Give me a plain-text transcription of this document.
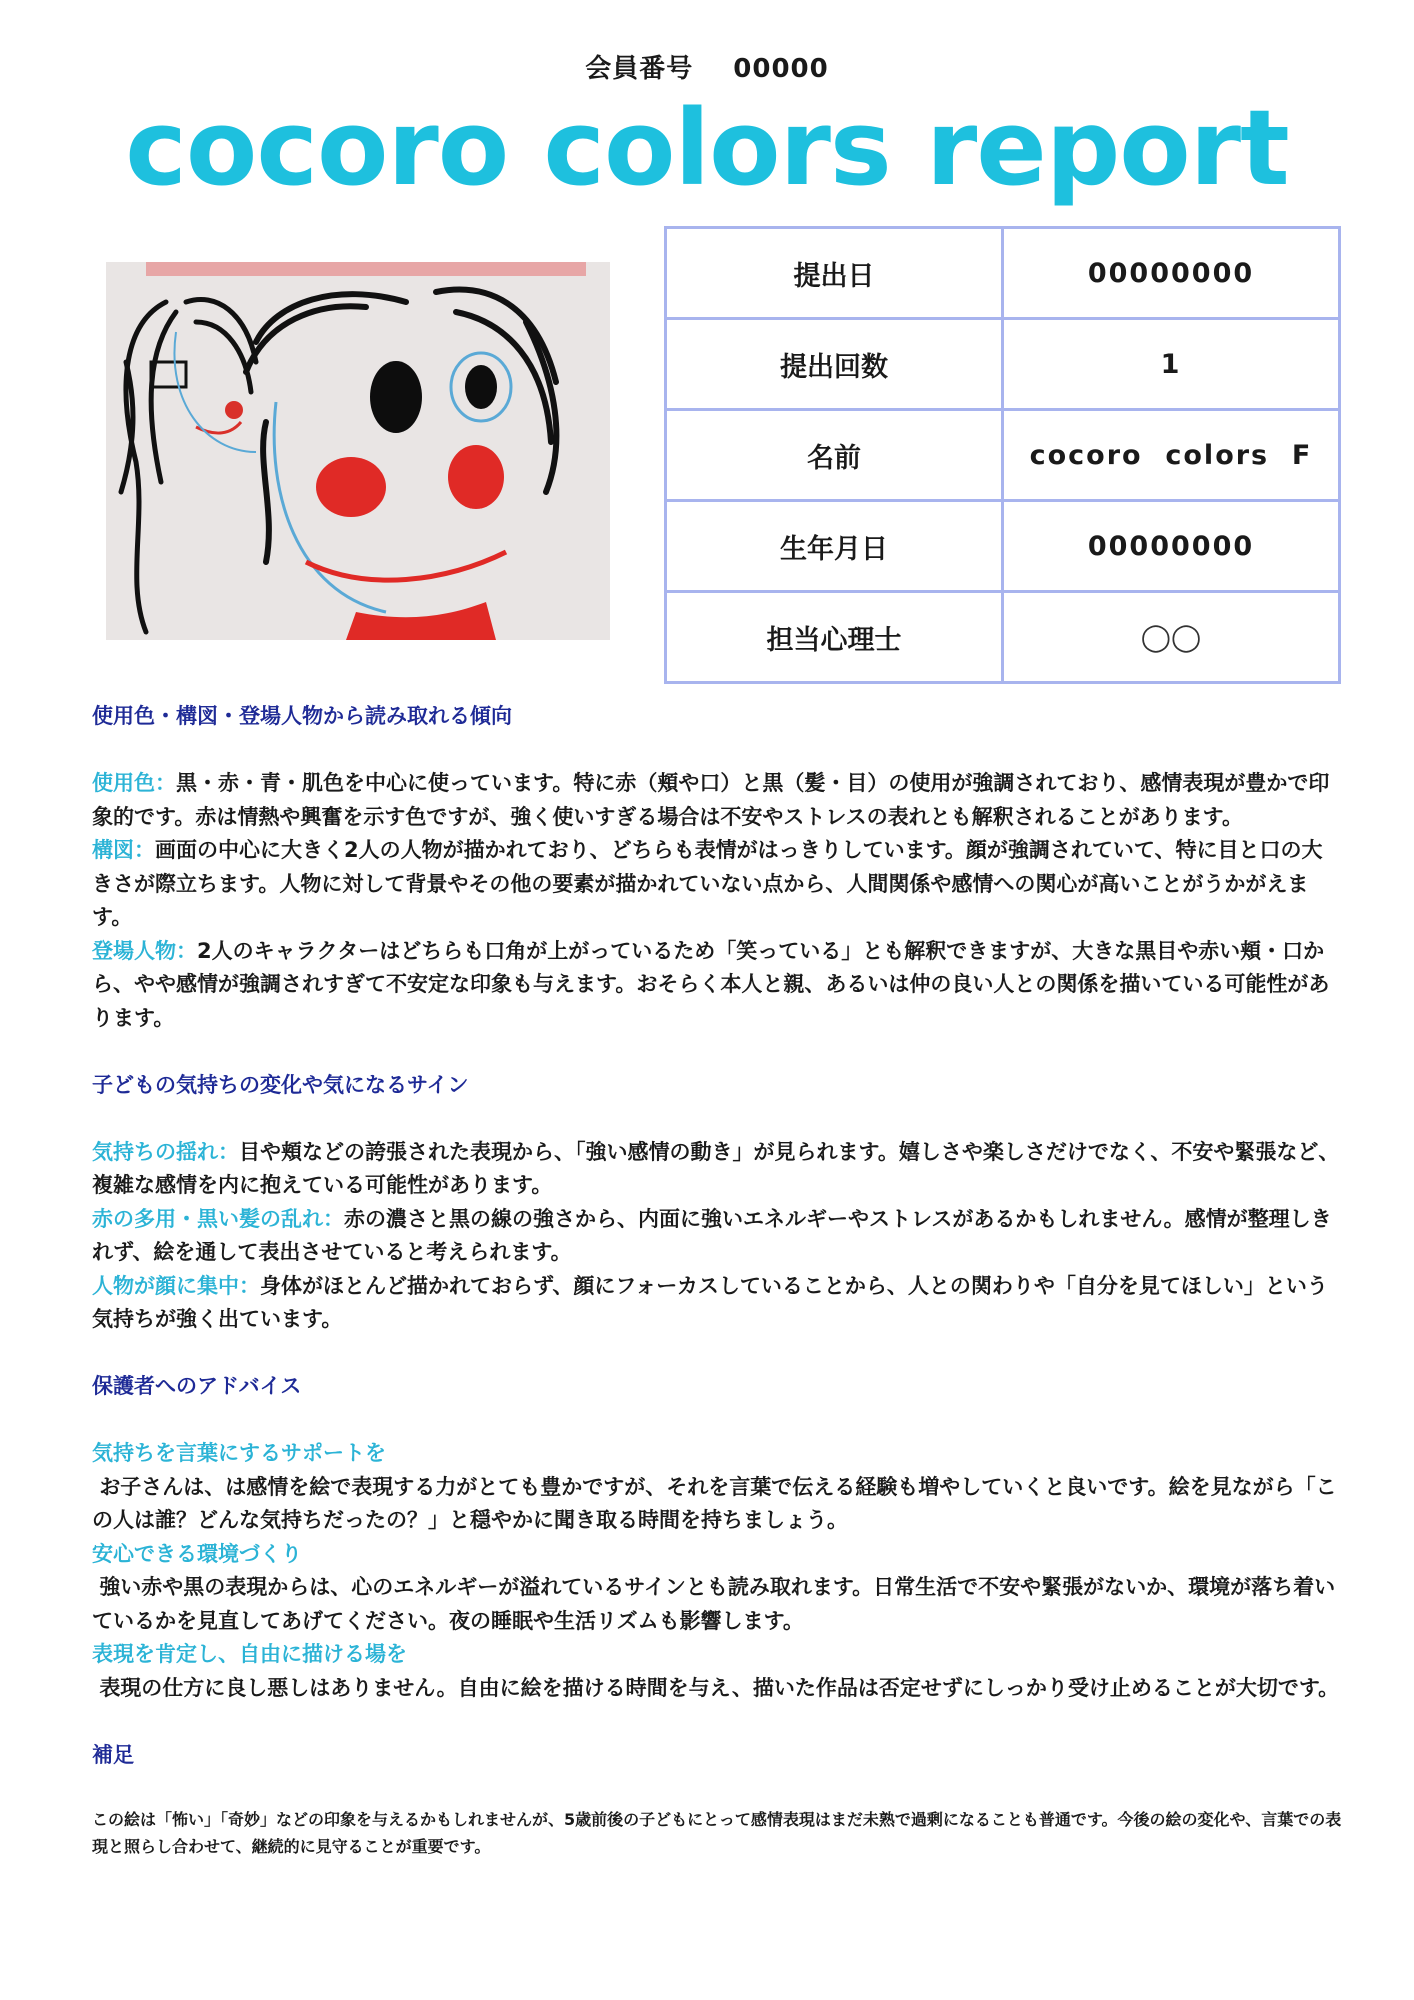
会員番号 00000
cocoro colors report
提出日	00000000
提出回数	1
名前	cocoro  colors  F
生年月日	00000000
担当心理士	◯◯

使用色・構図・登場人物から読み取れる傾向

使用色：黒・赤・青・肌色を中心に使っています。特に赤（頬や口）と黒（髪・目）の使用が強調されており、感情表現が豊かで印象的です。赤は情熱や興奮を示す色ですが、強く使いすぎる場合は不安やストレスの表れとも解釈されることがあります。

構図：画面の中心に大きく2人の人物が描かれており、どちらも表情がはっきりしています。顔が強調されていて、特に目と口の大きさが際立ちます。人物に対して背景やその他の要素が描かれていない点から、人間関係や感情への関心が高いことがうかがえます。

登場人物：2人のキャラクターはどちらも口角が上がっているため「笑っている」とも解釈できますが、大きな黒目や赤い頬・口から、やや感情が強調されすぎて不安定な印象も与えます。おそらく本人と親、あるいは仲の良い人との関係を描いている可能性があります。

子どもの気持ちの変化や気になるサイン

気持ちの揺れ：目や頬などの誇張された表現から、「強い感情の動き」が見られます。嬉しさや楽しさだけでなく、不安や緊張など、複雑な感情を内に抱えている可能性があります。

赤の多用・黒い髪の乱れ：赤の濃さと黒の線の強さから、内面に強いエネルギーやストレスがあるかもしれません。感情が整理しきれず、絵を通して表出させていると考えられます。

人物が顔に集中：身体がほとんど描かれておらず、顔にフォーカスしていることから、人との関わりや「自分を見てほしい」という気持ちが強く出ています。

保護者へのアドバイス

気持ちを言葉にするサポートを

お子さんは、は感情を絵で表現する力がとても豊かですが、それを言葉で伝える経験も増やしていくと良いです。絵を見ながら「この人は誰？どんな気持ちだったの？」と穏やかに聞き取る時間を持ちましょう。

安心できる環境づくり

強い赤や黒の表現からは、心のエネルギーが溢れているサインとも読み取れます。日常生活で不安や緊張がないか、環境が落ち着いているかを見直してあげてください。夜の睡眠や生活リズムも影響します。

表現を肯定し、自由に描ける場を

表現の仕方に良し悪しはありません。自由に絵を描ける時間を与え、描いた作品は否定せずにしっかり受け止めることが大切です。

補足

この絵は「怖い」「奇妙」などの印象を与えるかもしれませんが、5歳前後の子どもにとって感情表現はまだ未熟で過剰になることも普通です。今後の絵の変化や、言葉での表現と照らし合わせて、継続的に見守ることが重要です。
